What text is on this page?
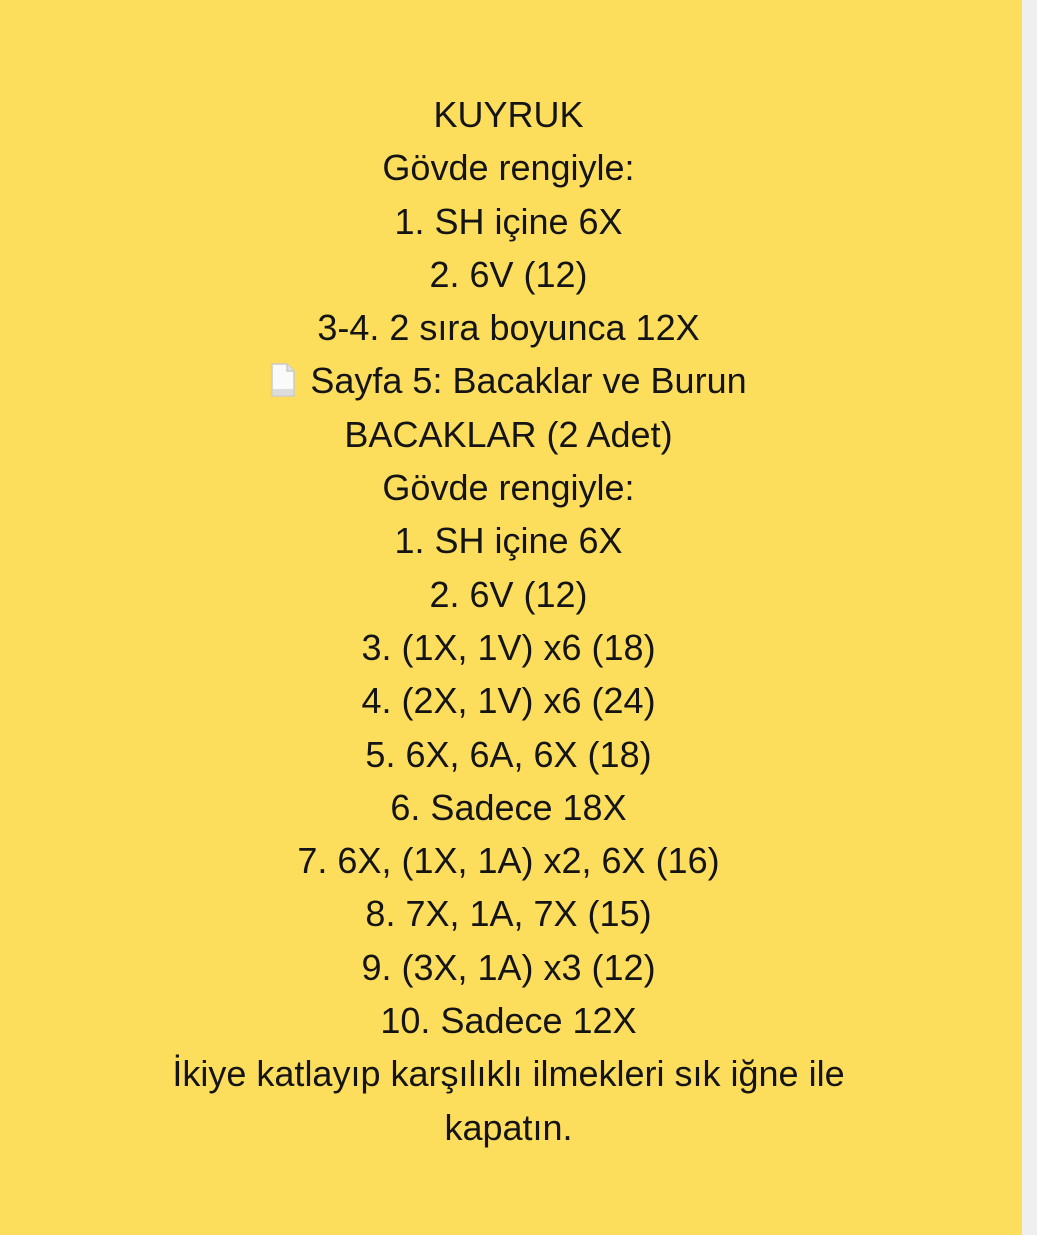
KUYRUK
Gövde rengiyle:
1. SH içine 6X
2. 6V (12)
3-4. 2 sıra boyunca 12X
Sayfa 5: Bacaklar ve Burun
BACAKLAR (2 Adet)
Gövde rengiyle:
1. SH içine 6X
2. 6V (12)
3. (1X, 1V) x6 (18)
4. (2X, 1V) x6 (24)
5. 6X, 6A, 6X (18)
6. Sadece 18X
7. 6X, (1X, 1A) x2, 6X (16)
8. 7X, 1A, 7X (15)
9. (3X, 1A) x3 (12)
10. Sadece 12X
İkiye katlayıp karşılıklı ilmekleri sık iğne ile kapatın.
